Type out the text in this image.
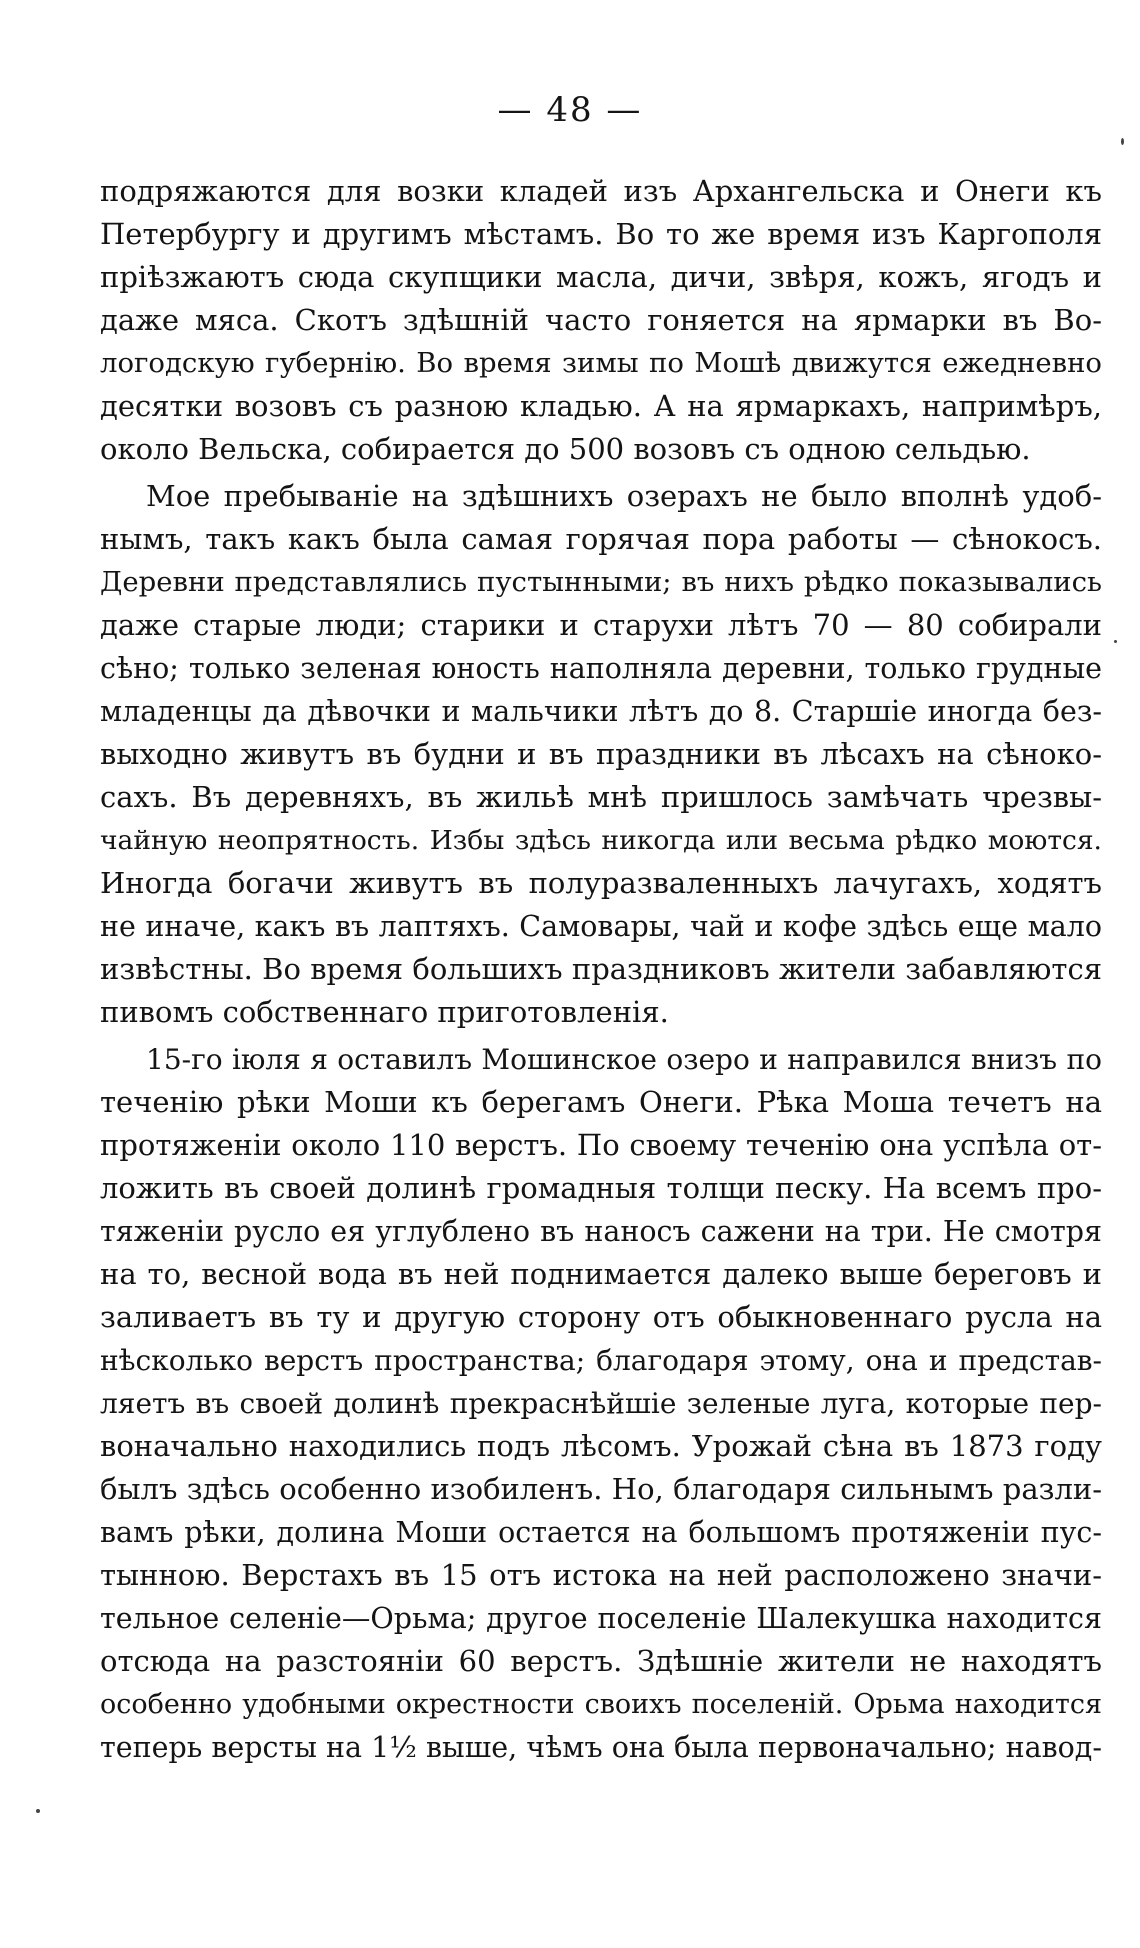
— 48 —
подряжаются для возки кладей изъ Архангельска и Онеги къ
Петербургу и другимъ мѣстамъ. Во то же время изъ Каргополя
пріѣзжаютъ сюда скупщики масла, дичи, звѣря, кожъ, ягодъ и
даже мяса. Скотъ здѣшній часто гоняется на ярмарки въ Во-
логодскую губернію. Во время зимы по Мошѣ движутся ежедневно
десятки возовъ съ разною кладью. А на ярмаркахъ, напримѣръ,
около Вельска, собирается до 500 возовъ съ одною сельдью.
Мое пребываніе на здѣшнихъ озерахъ не было вполнѣ удоб-
нымъ, такъ какъ была самая горячая пора работы — сѣнокосъ.
Деревни представлялись пустынными; въ нихъ рѣдко показывались
даже старые люди; старики и старухи лѣтъ 70 — 80 собирали
сѣно; только зеленая юность наполняла деревни, только грудные
младенцы да дѣвочки и мальчики лѣтъ до 8. Старшіе иногда без-
выходно живутъ въ будни и въ праздники въ лѣсахъ на сѣноко-
сахъ. Въ деревняхъ, въ жильѣ мнѣ пришлось замѣчать чрезвы-
чайную неопрятность. Избы здѣсь никогда или весьма рѣдко моются.
Иногда богачи живутъ въ полуразваленныхъ лачугахъ, ходятъ
не иначе, какъ въ лаптяхъ. Самовары, чай и кофе здѣсь еще мало
извѣстны. Во время большихъ праздниковъ жители забавляются
пивомъ собственнаго приготовленія.
15-го іюля я оставилъ Мошинское озеро и направился внизъ по
теченію рѣки Моши къ берегамъ Онеги. Рѣка Моша течетъ на
протяженіи около 110 верстъ. По своему теченію она успѣла от-
ложить въ своей долинѣ громадныя толщи песку. На всемъ про-
тяженіи русло ея углублено въ наносъ сажени на три. Не смотря
на то, весной вода въ ней поднимается далеко выше береговъ и
заливаетъ въ ту и другую сторону отъ обыкновеннаго русла на
нѣсколько верстъ пространства; благодаря этому, она и представ-
ляетъ въ своей долинѣ прекраснѣйшіе зеленые луга, которые пер-
воначально находились подъ лѣсомъ. Урожай сѣна въ 1873 году
былъ здѣсь особенно изобиленъ. Но, благодаря сильнымъ разли-
вамъ рѣки, долина Моши остается на большомъ протяженіи пус-
тынною. Верстахъ въ 15 отъ истока на ней расположено значи-
тельное селеніе—Орьма; другое поселеніе Шалекушка находится
отсюда на разстояніи 60 верстъ. Здѣшніе жители не находятъ
особенно удобными окрестности своихъ поселеній. Орьма находится
теперь версты на 1½ выше, чѣмъ она была первоначально; навод-
